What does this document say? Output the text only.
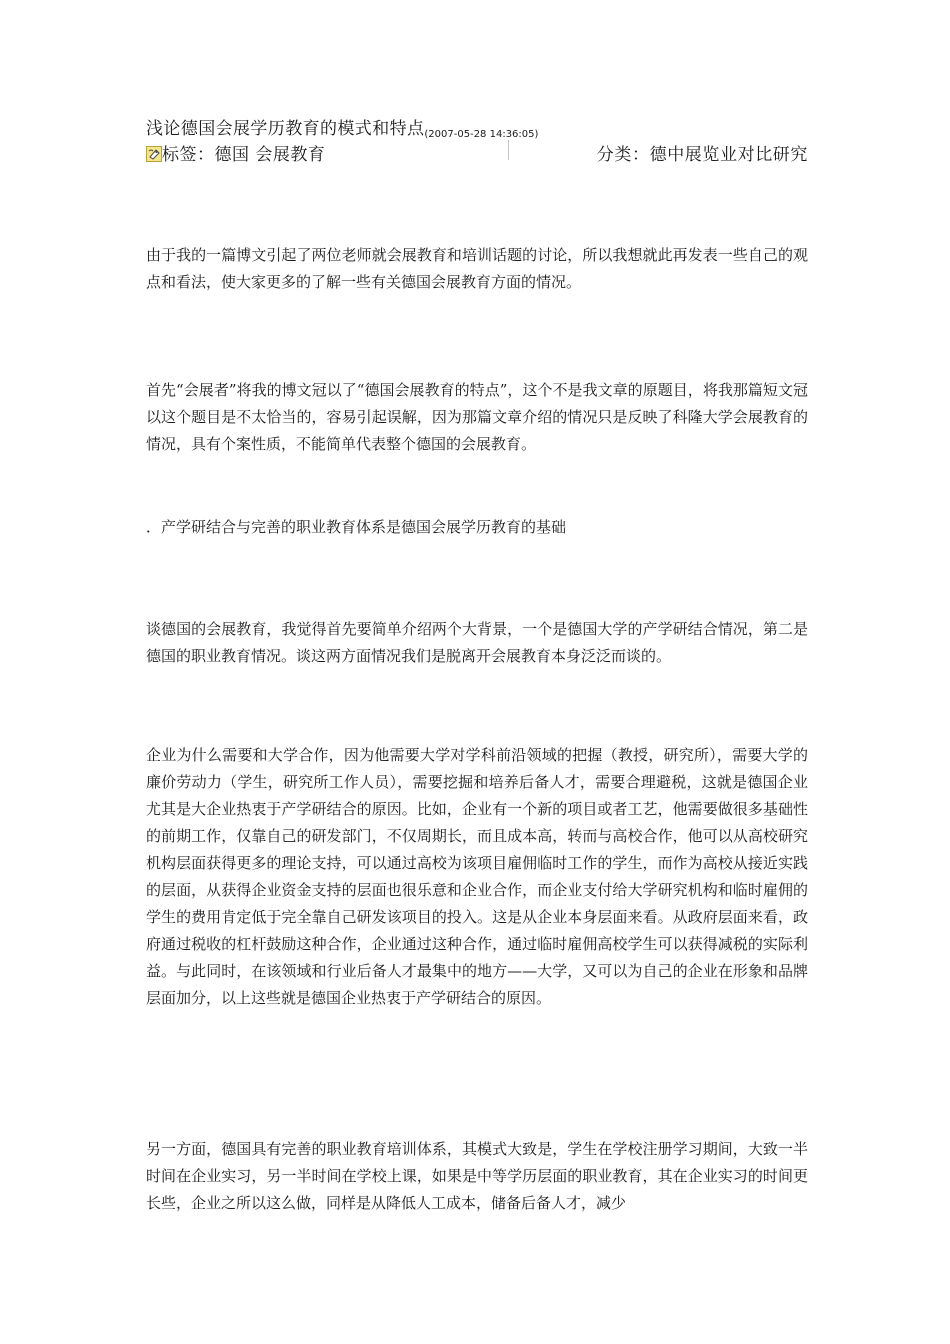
浅论德国会展学历教育的模式和特点(2007-05-28 14:36:05)
标签：德国 会展教育	分类：德中展览业对比研究

由于我的一篇博文引起了两位老师就会展教育和培训话题的讨论，所以我想就此再发表一些自己的观点和看法，使大家更多的了解一些有关德国会展教育方面的情况。

首先“会展者”将我的博文冠以了“德国会展教育的特点”，这个不是我文章的原题目，将我那篇短文冠以这个题目是不太恰当的，容易引起误解，因为那篇文章介绍的情况只是反映了科隆大学会展教育的情况，具有个案性质，不能简单代表整个德国的会展教育。

．产学研结合与完善的职业教育体系是德国会展学历教育的基础

谈德国的会展教育，我觉得首先要简单介绍两个大背景，一个是德国大学的产学研结合情况，第二是德国的职业教育情况。谈这两方面情况我们是脱离开会展教育本身泛泛而谈的。

企业为什么需要和大学合作，因为他需要大学对学科前沿领域的把握（教授，研究所），需要大学的廉价劳动力（学生，研究所工作人员），需要挖掘和培养后备人才，需要合理避税，这就是德国企业尤其是大企业热衷于产学研结合的原因。比如，企业有一个新的项目或者工艺，他需要做很多基础性的前期工作，仅靠自己的研发部门，不仅周期长，而且成本高，转而与高校合作，他可以从高校研究机构层面获得更多的理论支持，可以通过高校为该项目雇佣临时工作的学生，而作为高校从接近实践的层面，从获得企业资金支持的层面也很乐意和企业合作，而企业支付给大学研究机构和临时雇佣的学生的费用肯定低于完全靠自己研发该项目的投入。这是从企业本身层面来看。从政府层面来看，政府通过税收的杠杆鼓励这种合作，企业通过这种合作，通过临时雇佣高校学生可以获得减税的实际利益。与此同时，在该领域和行业后备人才最集中的地方——大学，又可以为自己的企业在形象和品牌层面加分，以上这些就是德国企业热衷于产学研结合的原因。

另一方面，德国具有完善的职业教育培训体系，其模式大致是，学生在学校注册学习期间，大致一半时间在企业实习，另一半时间在学校上课，如果是中等学历层面的职业教育，其在企业实习的时间更长些，企业之所以这么做，同样是从降低人工成本，储备后备人才，减少
